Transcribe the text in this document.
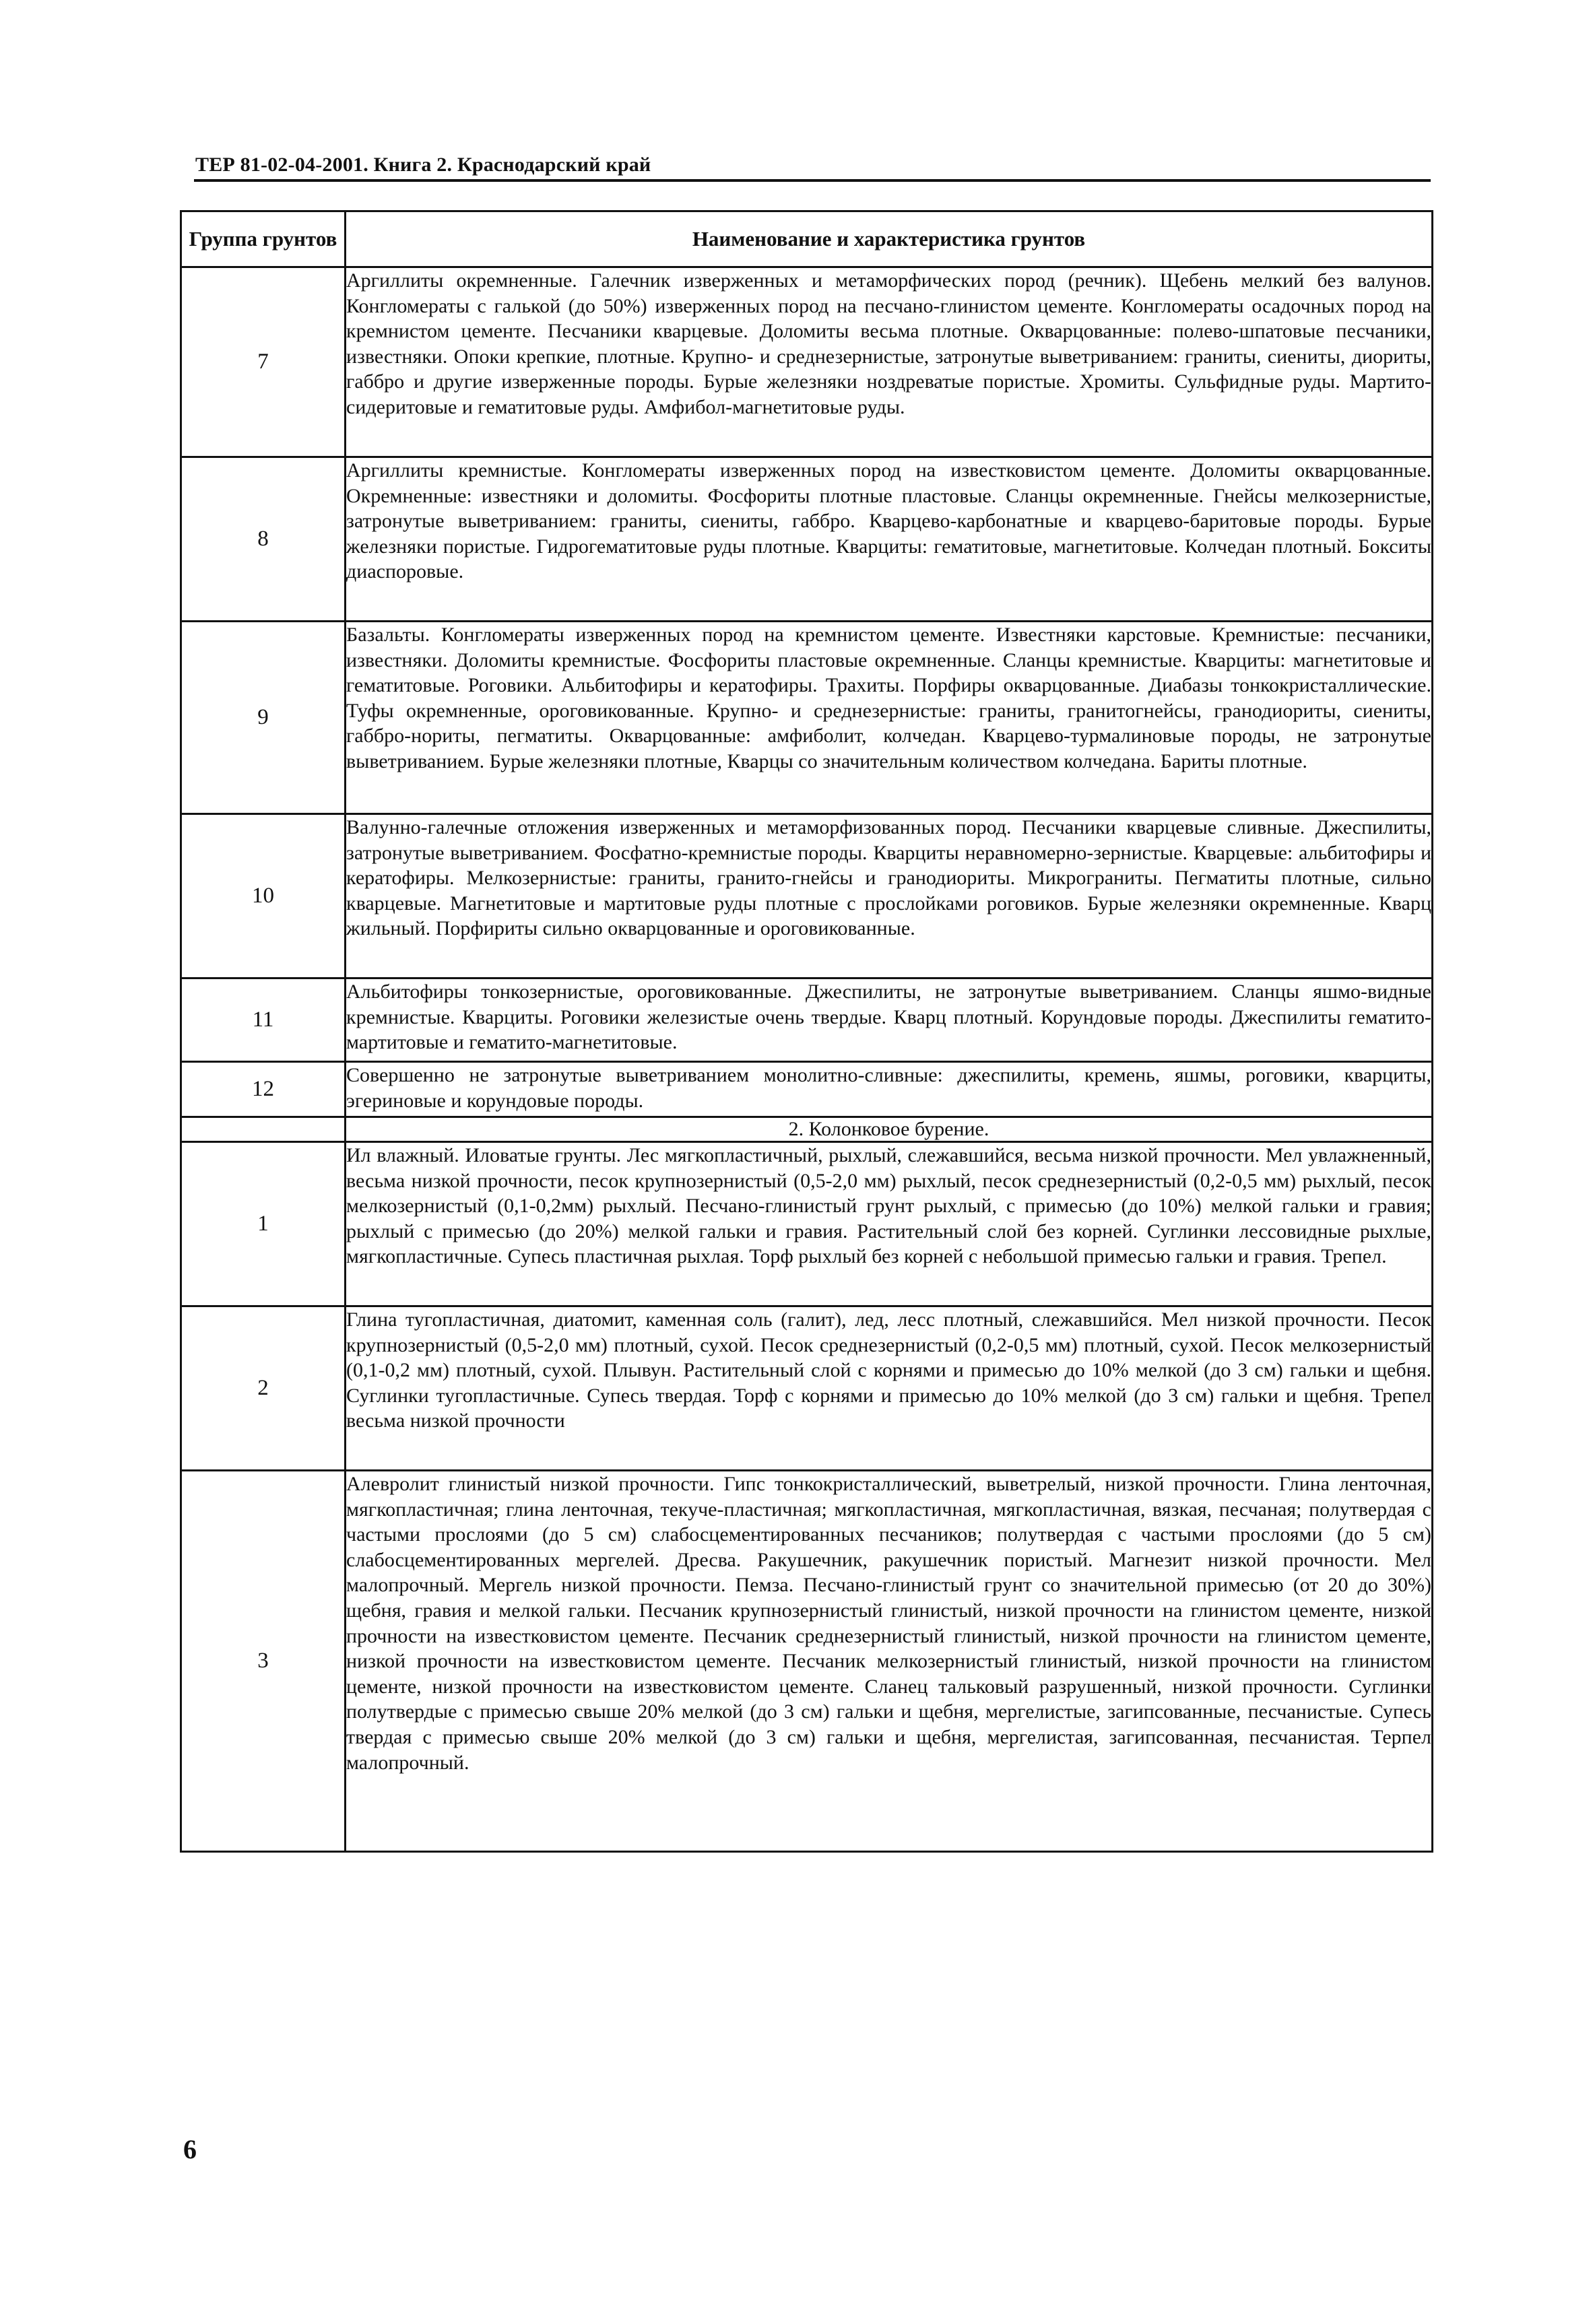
ТЕР 81-02-04-2001. Книга 2. Краснодарский край
Группа грунтов	Наименование и характеристика грунтов
7	Аргиллиты окремненные. Галечник изверженных и метаморфических пород (речник). Щебень мелкий без валунов. Конгломераты с галькой (до 50%) изверженных пород на песчано-глинистом цементе. Конгломераты осадочных пород на кремнистом цементе. Песчаники кварцевые. Доломиты весьма плотные. Окварцованные: полево-шпатовые песчаники, известняки. Опоки крепкие, плотные. Крупно- и среднезернистые, затронутые выветриванием: граниты, сиениты, диориты, габбро и другие изверженные породы. Бурые железняки ноздреватые пористые. Хромиты. Сульфидные руды. Мартито-сидеритовые и гематитовые руды. Амфибол-магнетитовые руды.
8	Аргиллиты кремнистые. Конгломераты изверженных пород на известковистом цементе. Доломиты окварцованные. Окремненные: известняки и доломиты. Фосфориты плотные пластовые. Сланцы окремненные. Гнейсы мелкозернистые, затронутые выветриванием: граниты, сиениты, габбро. Кварцево-карбонатные и кварцево-баритовые породы. Бурые железняки пористые. Гидрогематитовые руды плотные. Кварциты: гематитовые, магнетитовые. Колчедан плотный. Бокситы диаспоровые.
9	Базальты. Конгломераты изверженных пород на кремнистом цементе. Известняки карстовые. Кремнистые: песчаники, известняки. Доломиты кремнистые. Фосфориты пластовые окремненные. Сланцы кремнистые. Кварциты: магнетитовые и гематитовые. Роговики. Альбитофиры и кератофиры. Трахиты. Порфиры окварцованные. Диабазы тонкокристаллические. Туфы окремненные, ороговикованные. Крупно- и среднезернистые: граниты, гранитогнейсы, гранодиориты, сиениты, габбро-нориты, пегматиты. Окварцованные: амфиболит, колчедан. Кварцево-турмалиновые породы, не затронутые выветриванием. Бурые железняки плотные, Кварцы со значительным количеством колчедана. Бариты плотные.
10	Валунно-галечные отложения изверженных и метаморфизованных пород. Песчаники кварцевые сливные. Джеспилиты, затронутые выветриванием. Фосфатно-кремнистые породы. Кварциты неравномерно-зернистые. Кварцевые: альбитофиры и кератофиры. Мелкозернистые: граниты, гранито-гнейсы и гранодиориты. Микрограниты. Пегматиты плотные, сильно кварцевые. Магнетитовые и мартитовые руды плотные с прослойками роговиков. Бурые железняки окремненные. Кварц жильный. Порфириты сильно окварцованные и ороговикованные.
11	Альбитофиры тонкозернистые, ороговикованные. Джеспилиты, не затронутые выветриванием. Сланцы яшмо-видные кремнистые. Кварциты. Роговики железистые очень твердые. Кварц плотный. Корундовые породы. Джеспилиты гематито-мартитовые и гематито-магнетитовые.
12	Совершенно не затронутые выветриванием монолитно-сливные: джеспилиты, кремень, яшмы, роговики, кварциты, эгериновые и корундовые породы.
	2. Колонковое бурение.
1	Ил влажный. Иловатые грунты. Лес мягкопластичный, рыхлый, слежавшийся, весьма низкой прочности. Мел увлажненный, весьма низкой прочности, песок крупнозернистый (0,5-2,0 мм) рыхлый, песок среднезернистый (0,2-0,5 мм) рыхлый, песок мелкозернистый (0,1-0,2мм) рыхлый. Песчано-глинистый грунт рыхлый, с примесью (до 10%) мелкой гальки и гравия; рыхлый с примесью (до 20%) мелкой гальки и гравия. Растительный слой без корней. Суглинки лессовидные рыхлые, мягкопластичные. Супесь пластичная рыхлая. Торф рыхлый без корней с небольшой примесью гальки и гравия. Трепел.
2	Глина тугопластичная, диатомит, каменная соль (галит), лед, лесс плотный, слежавшийся. Мел низкой прочности. Песок крупнозернистый (0,5-2,0 мм) плотный, сухой. Песок среднезернистый (0,2-0,5 мм) плотный, сухой. Песок мелкозернистый (0,1-0,2 мм) плотный, сухой. Плывун. Растительный слой с корнями и примесью до 10% мелкой (до 3 см) гальки и щебня. Суглинки тугопластичные. Супесь твердая. Торф с корнями и примесью до 10% мелкой (до 3 см) гальки и щебня. Трепел весьма низкой прочности
3	Алевролит глинистый низкой прочности. Гипс тонкокристаллический, выветрелый, низкой прочности. Глина ленточная, мягкопластичная; глина ленточная, текуче-пластичная; мягкопластичная, мягкопластичная, вязкая, песчаная; полутвердая с частыми прослоями (до 5 см) слабосцементированных песчаников; полутвердая с частыми прослоями (до 5 см) слабосцементированных мергелей. Дресва. Ракушечник, ракушечник пористый. Магнезит низкой прочности. Мел малопрочный. Мергель низкой прочности. Пемза. Песчано-глинистый грунт со значительной примесью (от 20 до 30%) щебня, гравия и мелкой гальки. Песчаник крупнозернистый глинистый, низкой прочности на глинистом цементе, низкой прочности на известковистом цементе. Песчаник среднезернистый глинистый, низкой прочности на глинистом цементе, низкой прочности на известковистом цементе. Песчаник мелкозернистый глинистый, низкой прочности на глинистом цементе, низкой прочности на известковистом цементе. Сланец тальковый разрушенный, низкой прочности. Суглинки полутвердые с примесью свыше 20% мелкой (до 3 см) гальки и щебня, мергелистые, загипсованные, песчанистые. Супесь твердая с примесью свыше 20% мелкой (до 3 см) гальки и щебня, мергелистая, загипсованная, песчанистая. Терпел малопрочный.
6
